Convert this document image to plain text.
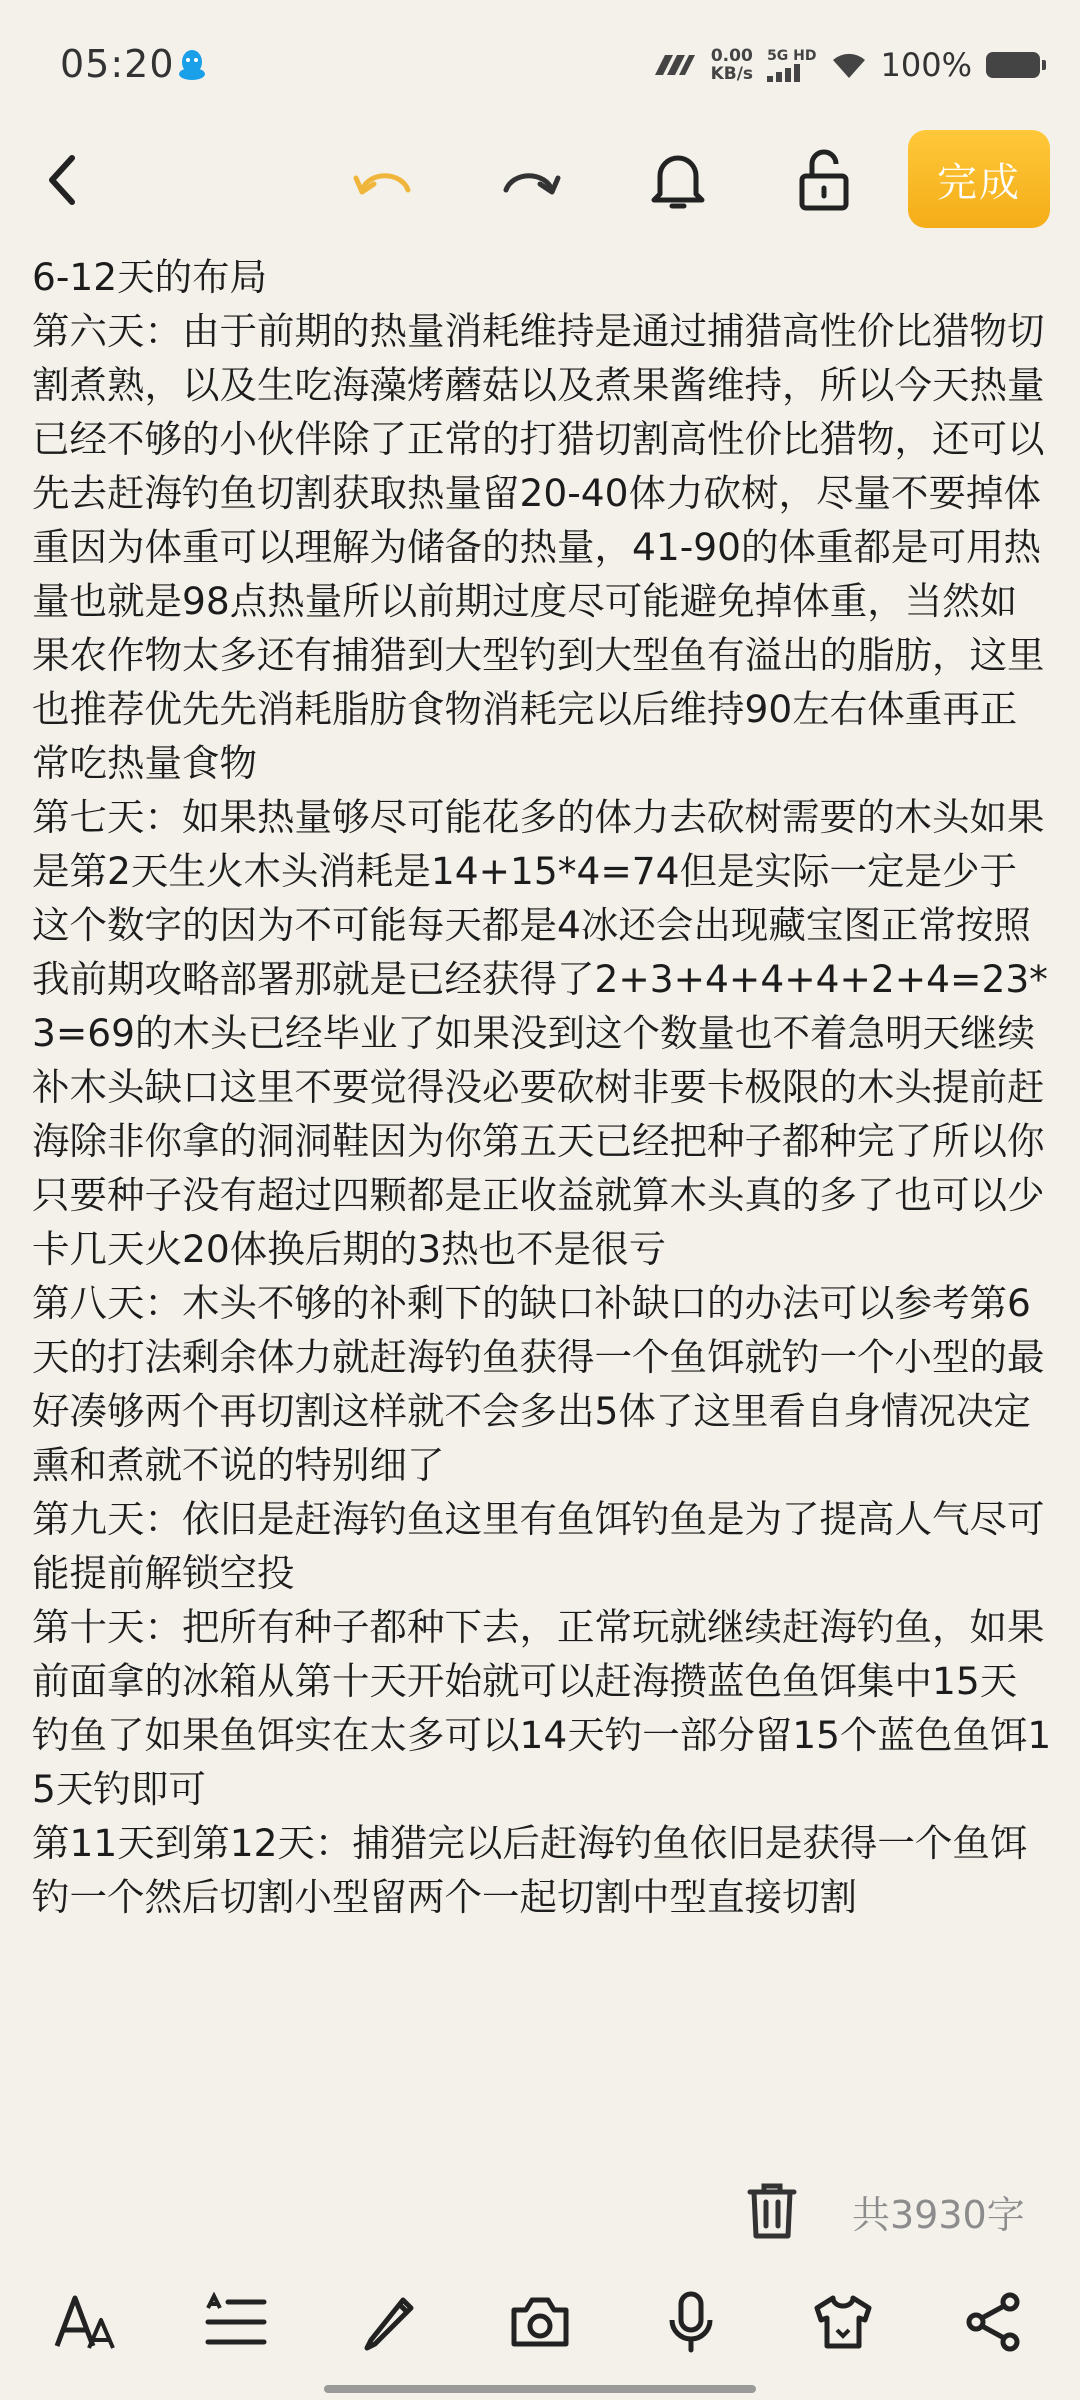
05:20	0.00
KB/s
5G HD 100%
完成

6-12天的布局

第六天：由于前期的热量消耗维持是通过捕猎高性价比猎物切割煮熟，以及生吃海藻烤蘑菇以及煮果酱维持，所以今天热量已经不够的小伙伴除了正常的打猎切割高性价比猎物，还可以先去赶海钓鱼切割获取热量留20-40体力砍树，尽量不要掉体重因为体重可以理解为储备的热量，41-90的体重都是可用热量也就是98点热量所以前期过度尽可能避免掉体重，当然如果农作物太多还有捕猎到大型钓到大型鱼有溢出的脂肪，这里也推荐优先先消耗脂肪食物消耗完以后维持90左右体重再正常吃热量食物

第七天：如果热量够尽可能花多的体力去砍树需要的木头如果是第2天生火木头消耗是14+15*4=74但是实际一定是少于这个数字的因为不可能每天都是4冰还会出现藏宝图正常按照我前期攻略部署那就是已经获得了2+3+4+4+4+2+4=23*3=69的木头已经毕业了如果没到这个数量也不着急明天继续补木头缺口这里不要觉得没必要砍树非要卡极限的木头提前赶海除非你拿的洞洞鞋因为你第五天已经把种子都种完了所以你只要种子没有超过四颗都是正收益就算木头真的多了也可以少卡几天火20体换后期的3热也不是很亏

第八天：木头不够的补剩下的缺口补缺口的办法可以参考第6天的打法剩余体力就赶海钓鱼获得一个鱼饵就钓一个小型的最好凑够两个再切割这样就不会多出5体了这里看自身情况决定熏和煮就不说的特别细了

第九天：依旧是赶海钓鱼这里有鱼饵钓鱼是为了提高人气尽可能提前解锁空投

第十天：把所有种子都种下去，正常玩就继续赶海钓鱼，如果前面拿的冰箱从第十天开始就可以赶海攒蓝色鱼饵集中15天钓鱼了如果鱼饵实在太多可以14天钓一部分留15个蓝色鱼饵15天钓即可

第11天到第12天：捕猎完以后赶海钓鱼依旧是获得一个鱼饵钓一个然后切割小型留两个一起切割中型直接切割

共3930字
